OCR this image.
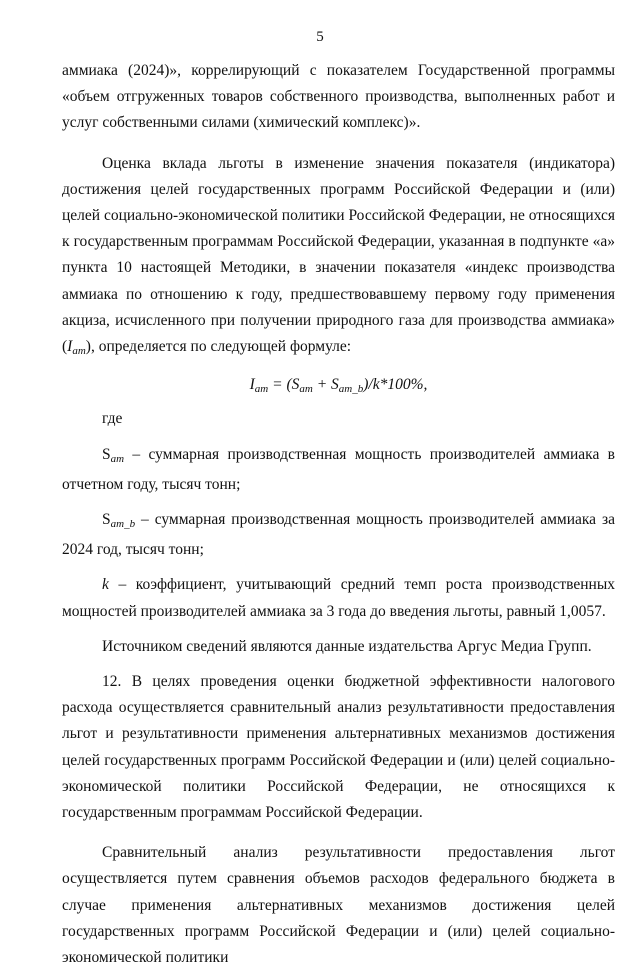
5

аммиака (2024)», коррелирующий с показателем Государственной программы «объем отгруженных товаров собственного производства, выполненных работ и услуг собственными силами (химический комплекс)».

Оценка вклада льготы в изменение значения показателя (индикатора) достижения целей государственных программ Российской Федерации и (или) целей социально-экономической политики Российской Федерации, не относящихся к государственным программам Российской Федерации, указанная в подпункте «а» пункта 10 настоящей Методики, в значении показателя «индекс производства аммиака по отношению к году, предшествовавшему первому году применения акциза, исчисленного при получении природного газа для производства аммиака» $(I_{am})$, определяется по следующей формуле:

$I_{am} = (S_{am} + S_{am\_b})/k*100\%$,

где

$S_{am}$ – суммарная производственная мощность производителей аммиака в отчетном году, тысяч тонн;

$S_{am\_b}$ – суммарная производственная мощность производителей аммиака за 2024 год, тысяч тонн;

k – коэффициент, учитывающий средний темп роста производственных мощностей производителей аммиака за 3 года до введения льготы, равный 1,0057.

Источником сведений являются данные издательства Аргус Медиа Групп.

12. В целях проведения оценки бюджетной эффективности налогового расхода осуществляется сравнительный анализ результативности предоставления льгот и результативности применения альтернативных механизмов достижения целей государственных программ Российской Федерации и (или) целей социально-экономической политики Российской Федерации, не относящихся к государственным программам Российской Федерации.

Сравнительный анализ результативности предоставления льгот осуществляется путем сравнения объемов расходов федерального бюджета в случае применения альтернативных механизмов достижения целей государственных программ Российской Федерации и (или) целей социально-экономической политики
